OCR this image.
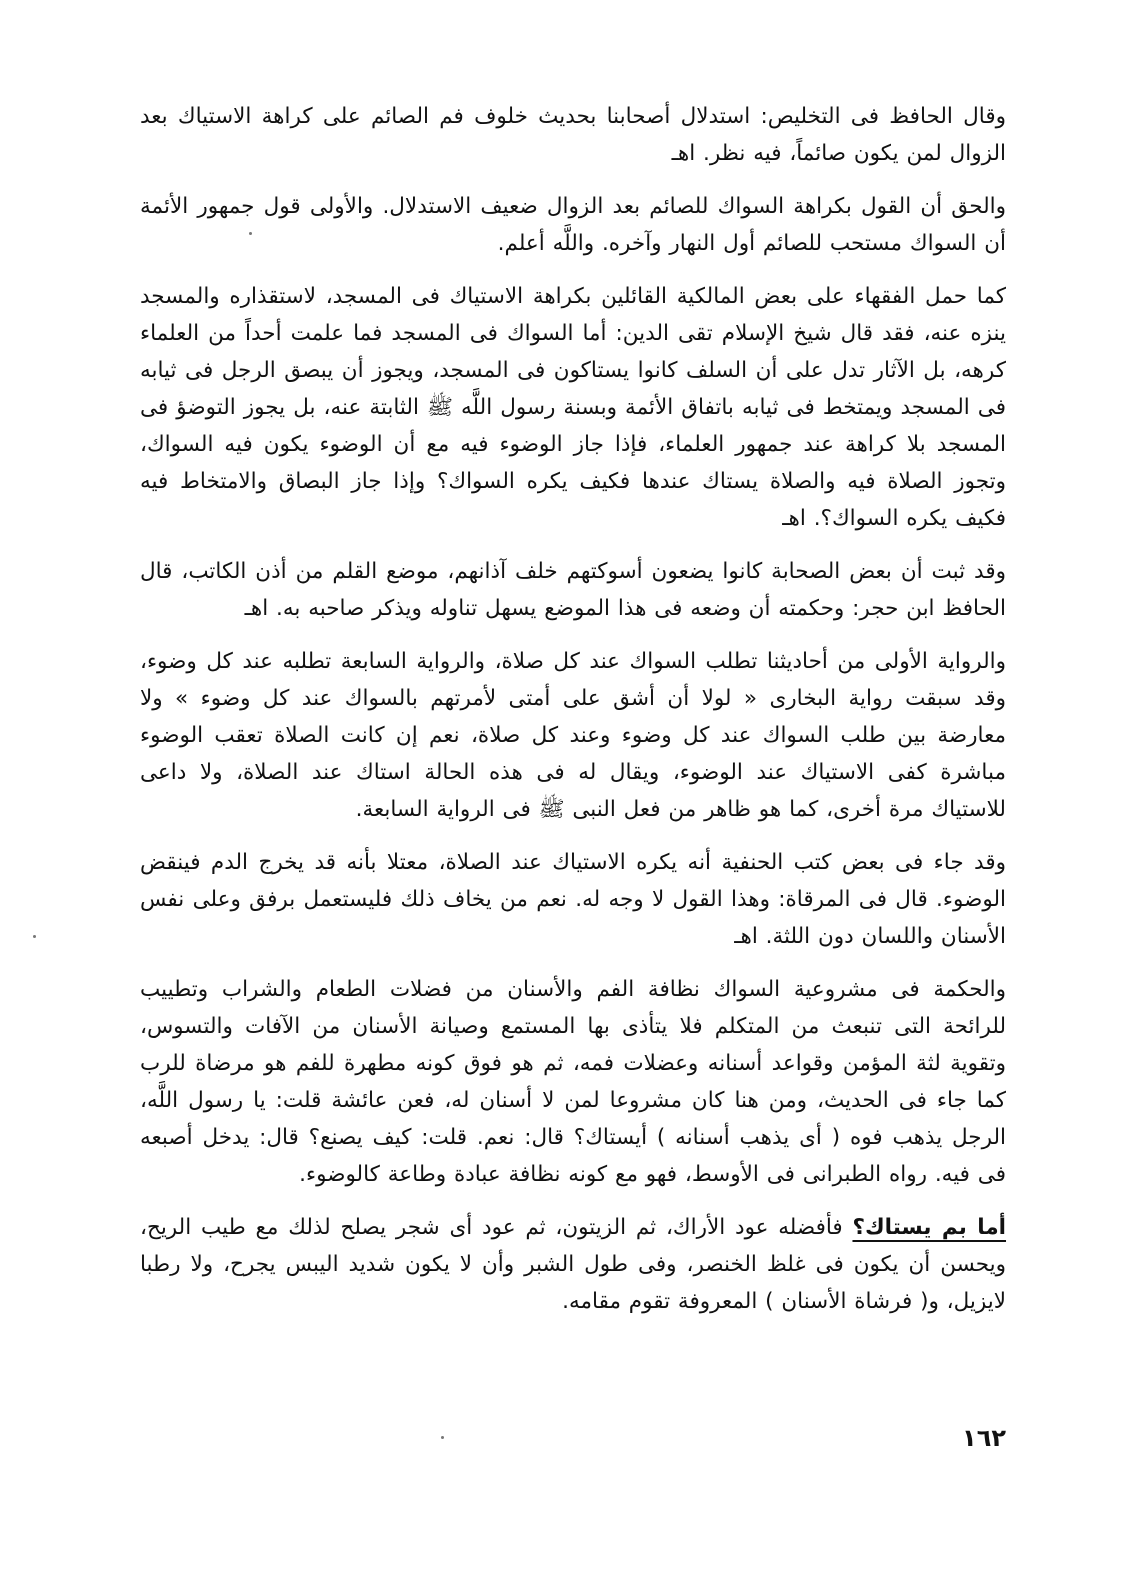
وقال الحافظ فى التخليص: استدلال أصحابنا بحديث خلوف فم الصائم على كراهة الاستياك بعد الزوال لمن يكون صائماً، فيه نظر. اهـ

والحق أن القول بكراهة السواك للصائم بعد الزوال ضعيف الاستدلال. والأولى قول جمهور الأئمة أن السواك مستحب للصائم أول النهار وآخره. واللَّه أعلم.

كما حمل الفقهاء على بعض المالكية القائلين بكراهة الاستياك فى المسجد، لاستقذاره والمسجد ينزه عنه، فقد قال شيخ الإسلام تقى الدين: أما السواك فى المسجد فما علمت أحداً من العلماء كرهه، بل الآثار تدل على أن السلف كانوا يستاكون فى المسجد، ويجوز أن يبصق الرجل فى ثيابه فى المسجد ويمتخط فى ثيابه باتفاق الأئمة وبسنة رسول اللَّه ﷺ الثابتة عنه، بل يجوز التوضؤ فى المسجد بلا كراهة عند جمهور العلماء، فإذا جاز الوضوء فيه مع أن الوضوء يكون فيه السواك، وتجوز الصلاة فيه والصلاة يستاك عندها فكيف يكره السواك؟ وإذا جاز البصاق والامتخاط فيه فكيف يكره السواك؟. اهـ

وقد ثبت أن بعض الصحابة كانوا يضعون أسوكتهم خلف آذانهم، موضع القلم من أذن الكاتب، قال الحافظ ابن حجر: وحكمته أن وضعه فى هذا الموضع يسهل تناوله ويذكر صاحبه به. اهـ

والرواية الأولى من أحاديثنا تطلب السواك عند كل صلاة، والرواية السابعة تطلبه عند كل وضوء، وقد سبقت رواية البخارى « لولا أن أشق على أمتى لأمرتهم بالسواك عند كل وضوء » ولا معارضة بين طلب السواك عند كل وضوء وعند كل صلاة، نعم إن كانت الصلاة تعقب الوضوء مباشرة كفى الاستياك عند الوضوء، ويقال له فى هذه الحالة استاك عند الصلاة، ولا داعى للاستياك مرة أخرى، كما هو ظاهر من فعل النبى ﷺ فى الرواية السابعة.

وقد جاء فى بعض كتب الحنفية أنه يكره الاستياك عند الصلاة، معتلا بأنه قد يخرج الدم فينقض الوضوء. قال فى المرقاة: وهذا القول لا وجه له. نعم من يخاف ذلك فليستعمل برفق وعلى نفس الأسنان واللسان دون اللثة. اهـ

والحكمة فى مشروعية السواك نظافة الفم والأسنان من فضلات الطعام والشراب وتطييب للرائحة التى تنبعث من المتكلم فلا يتأذى بها المستمع وصيانة الأسنان من الآفات والتسوس، وتقوية لثة المؤمن وقواعد أسنانه وعضلات فمه، ثم هو فوق كونه مطهرة للفم هو مرضاة للرب كما جاء فى الحديث، ومن هنا كان مشروعا لمن لا أسنان له، فعن عائشة قلت: يا رسول اللَّه، الرجل يذهب فوه ( أى يذهب أسنانه ) أيستاك؟ قال: نعم. قلت: كيف يصنع؟ قال: يدخل أصبعه فى فيه. رواه الطبرانى فى الأوسط، فهو مع كونه نظافة عبادة وطاعة كالوضوء.

أما بم يستاك؟ فأفضله عود الأراك، ثم الزيتون، ثم عود أى شجر يصلح لذلك مع طيب الريح، ويحسن أن يكون فى غلظ الخنصر، وفى طول الشبر وأن لا يكون شديد اليبس يجرح، ولا رطبا لايزيل، و( فرشاة الأسنان ) المعروفة تقوم مقامه.

١٦٢
